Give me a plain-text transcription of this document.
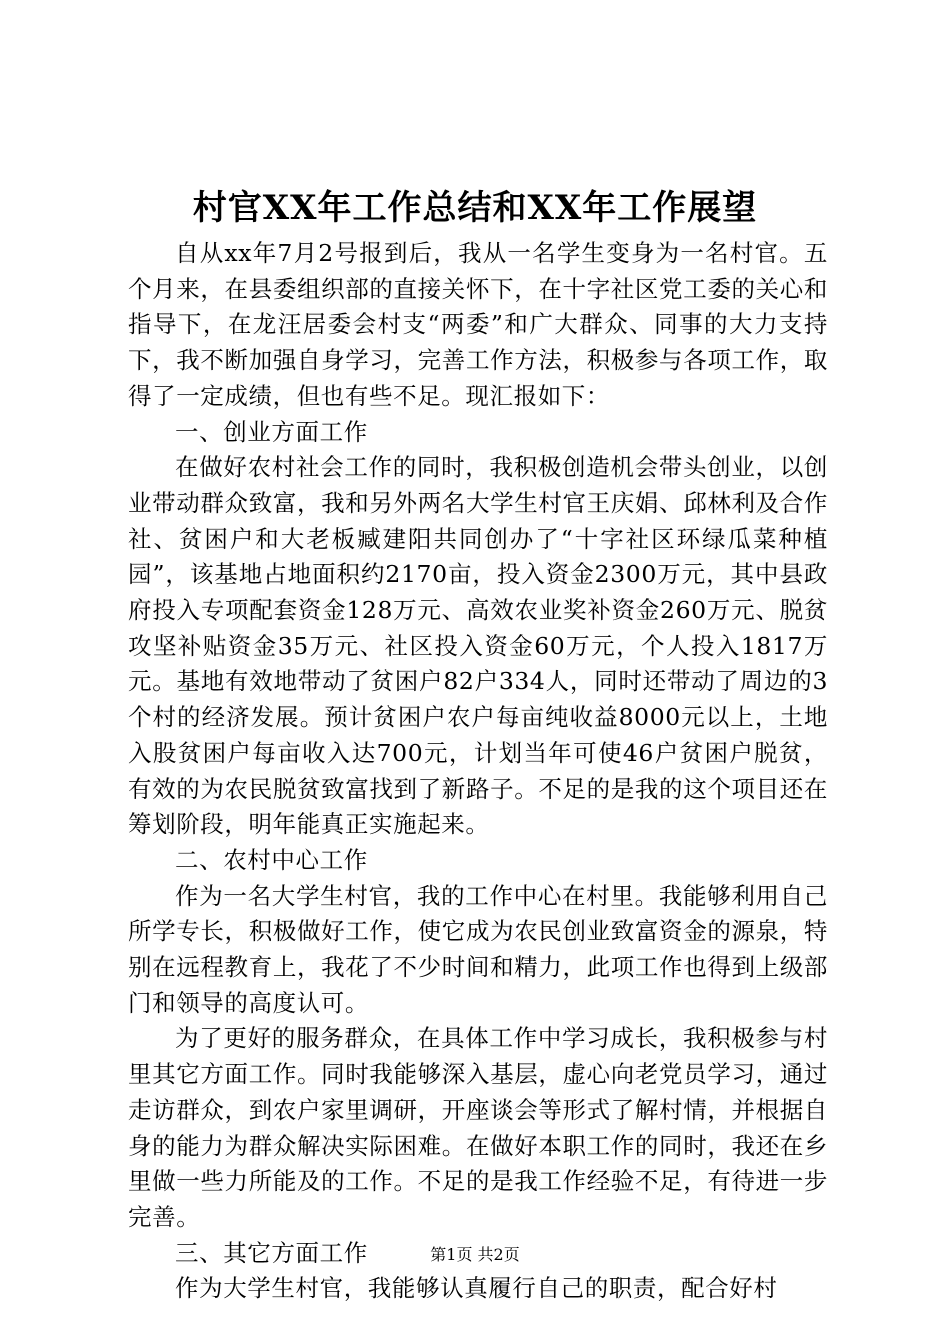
村官XX年工作总结和XX年工作展望

自从xx年7月2号报到后，我从一名学生变身为一名村官。五个月来，在县委组织部的直接关怀下，在十字社区党工委的关心和指导下，在龙汪居委会村支“两委”和广大群众、同事的大力支持下，我不断加强自身学习，完善工作方法，积极参与各项工作，取得了一定成绩，但也有些不足。现汇报如下：

一、创业方面工作

在做好农村社会工作的同时，我积极创造机会带头创业，以创业带动群众致富，我和另外两名大学生村官王庆娟、邱林利及合作社、贫困户和大老板臧建阳共同创办了“十字社区环绿瓜菜种植园”，该基地占地面积约2170亩，投入资金2300万元，其中县政府投入专项配套资金128万元、高效农业奖补资金260万元、脱贫攻坚补贴资金35万元、社区投入资金60万元，个人投入1817万元。基地有效地带动了贫困户82户334人，同时还带动了周边的3个村的经济发展。预计贫困户农户每亩纯收益8000元以上，土地入股贫困户每亩收入达700元，计划当年可使46户贫困户脱贫，有效的为农民脱贫致富找到了新路子。不足的是我的这个项目还在筹划阶段，明年能真正实施起来。

二、农村中心工作

作为一名大学生村官，我的工作中心在村里。我能够利用自己所学专长，积极做好工作，使它成为农民创业致富资金的源泉，特别在远程教育上，我花了不少时间和精力，此项工作也得到上级部门和领导的高度认可。

为了更好的服务群众，在具体工作中学习成长，我积极参与村里其它方面工作。同时我能够深入基层，虚心向老党员学习，通过走访群众，到农户家里调研，开座谈会等形式了解村情，并根据自身的能力为群众解决实际困难。在做好本职工作的同时，我还在乡里做一些力所能及的工作。不足的是我工作经验不足，有待进一步完善。

三、其它方面工作

作为大学生村官，我能够认真履行自己的职责，配合好村

第1页 共2页
